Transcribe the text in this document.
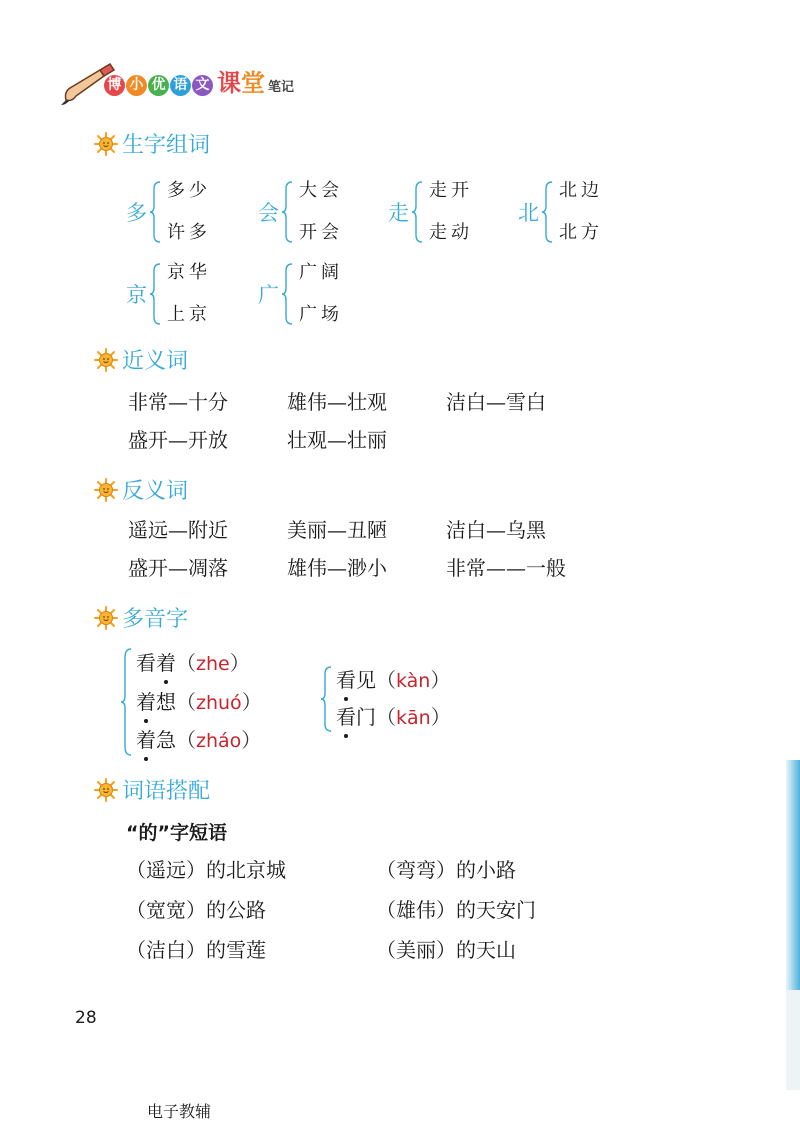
博 小 优 语 文 课堂 笔记
生字组词
多
多少
许多
会
大会
开会
走
走开
走动
北
北边
北方
京
京华
上京
广
广阔
广场
近义词
非常—十分	雄伟—壮观	洁白—雪白
盛开—开放	壮观—壮丽
反义词
遥远—附近	美丽—丑陋	洁白—乌黑
盛开—凋落	雄伟—渺小	非常——一般
多音字
看着（zhe）
着想（zhuó）
着急（zháo）
看见（kàn）
看门（kān）
词语搭配
“的”字短语
（遥远）的北京城	（弯弯）的小路
（宽宽）的公路	（雄伟）的天安门
（洁白）的雪莲	（美丽）的天山
28
电子教辅
